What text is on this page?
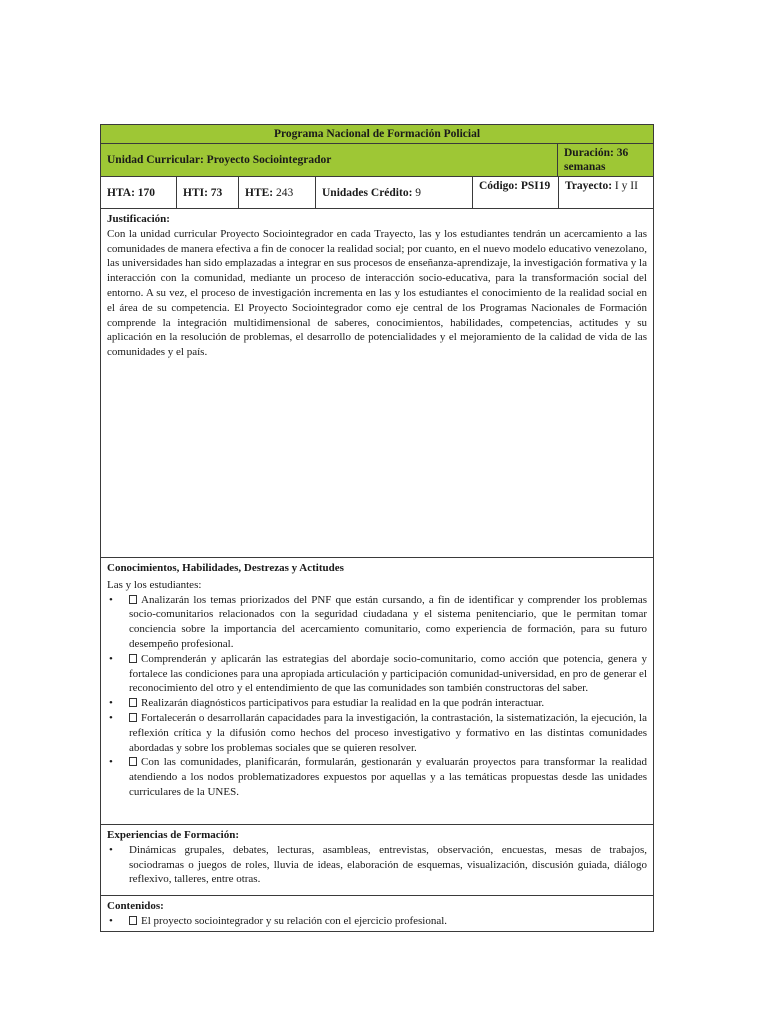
Programa Nacional de Formación Policial
Unidad Curricular: Proyecto Sociointegrador
Duración: 36 semanas
HTA:
170 HTI:
73 HTE:
243	Unidades Crédito:
9
Código: PSI19	Trayecto: I y II
Justificación:
Con la unidad curricular Proyecto Sociointegrador en cada Trayecto, las y los estudiantes tendrán un acercamiento a las comunidades de manera efectiva a fin de conocer la realidad social; por cuanto, en el nuevo modelo educativo venezolano, las universidades han sido emplazadas a integrar en sus procesos de enseñanza-aprendizaje, la investigación formativa y la interacción con la comunidad, mediante un proceso de interacción socio-educativa, para la transformación social del entorno. A su vez, el proceso de investigación incrementa en las y los estudiantes el conocimiento de la realidad social en el área de su competencia. El Proyecto Sociointegrador como eje central de los Programas Nacionales de Formación comprende la integración multidimensional de saberes, conocimientos, habilidades, competencias, actitudes y su aplicación en la resolución de problemas, el desarrollo de potencialidades y el mejoramiento de la calidad de vida de las comunidades y el país.
Conocimientos, Habilidades, Destrezas y Actitudes
Las y los estudiantes:
• Analizarán los temas priorizados del PNF que están cursando, a fin de identificar y comprender los problemas socio-comunitarios relacionados con la seguridad ciudadana y el sistema penitenciario, que le permitan tomar conciencia sobre la importancia del acercamiento comunitario, como experiencia de formación, para su futuro desempeño profesional.
• Comprenderán y aplicarán las estrategias del abordaje socio-comunitario, como acción que potencia, genera y fortalece las condiciones para una apropiada articulación y participación comunidad-universidad, en pro de generar el reconocimiento del otro y el entendimiento de que las comunidades son también constructoras del saber.
• Realizarán diagnósticos participativos para estudiar la realidad en la que podrán interactuar.
• Fortalecerán o desarrollarán capacidades para la investigación, la contrastación, la sistematización, la ejecución, la reflexión crítica y la difusión como hechos del proceso investigativo y formativo en las distintas comunidades abordadas y sobre los problemas sociales que se quieren resolver.
• Con las comunidades, planificarán, formularán, gestionarán y evaluarán proyectos para transformar la realidad atendiendo a los nodos problematizadores expuestos por aquellas y a las temáticas propuestas desde las unidades curriculares de la UNES.
Experiencias de Formación:
• Dinámicas grupales, debates, lecturas, asambleas, entrevistas, observación, encuestas, mesas de trabajos, sociodramas o juegos de roles, lluvia de ideas, elaboración de esquemas, visualización, discusión guiada, diálogo reflexivo, talleres, entre otras.
Contenidos:
• El proyecto sociointegrador y su relación con el ejercicio profesional.
